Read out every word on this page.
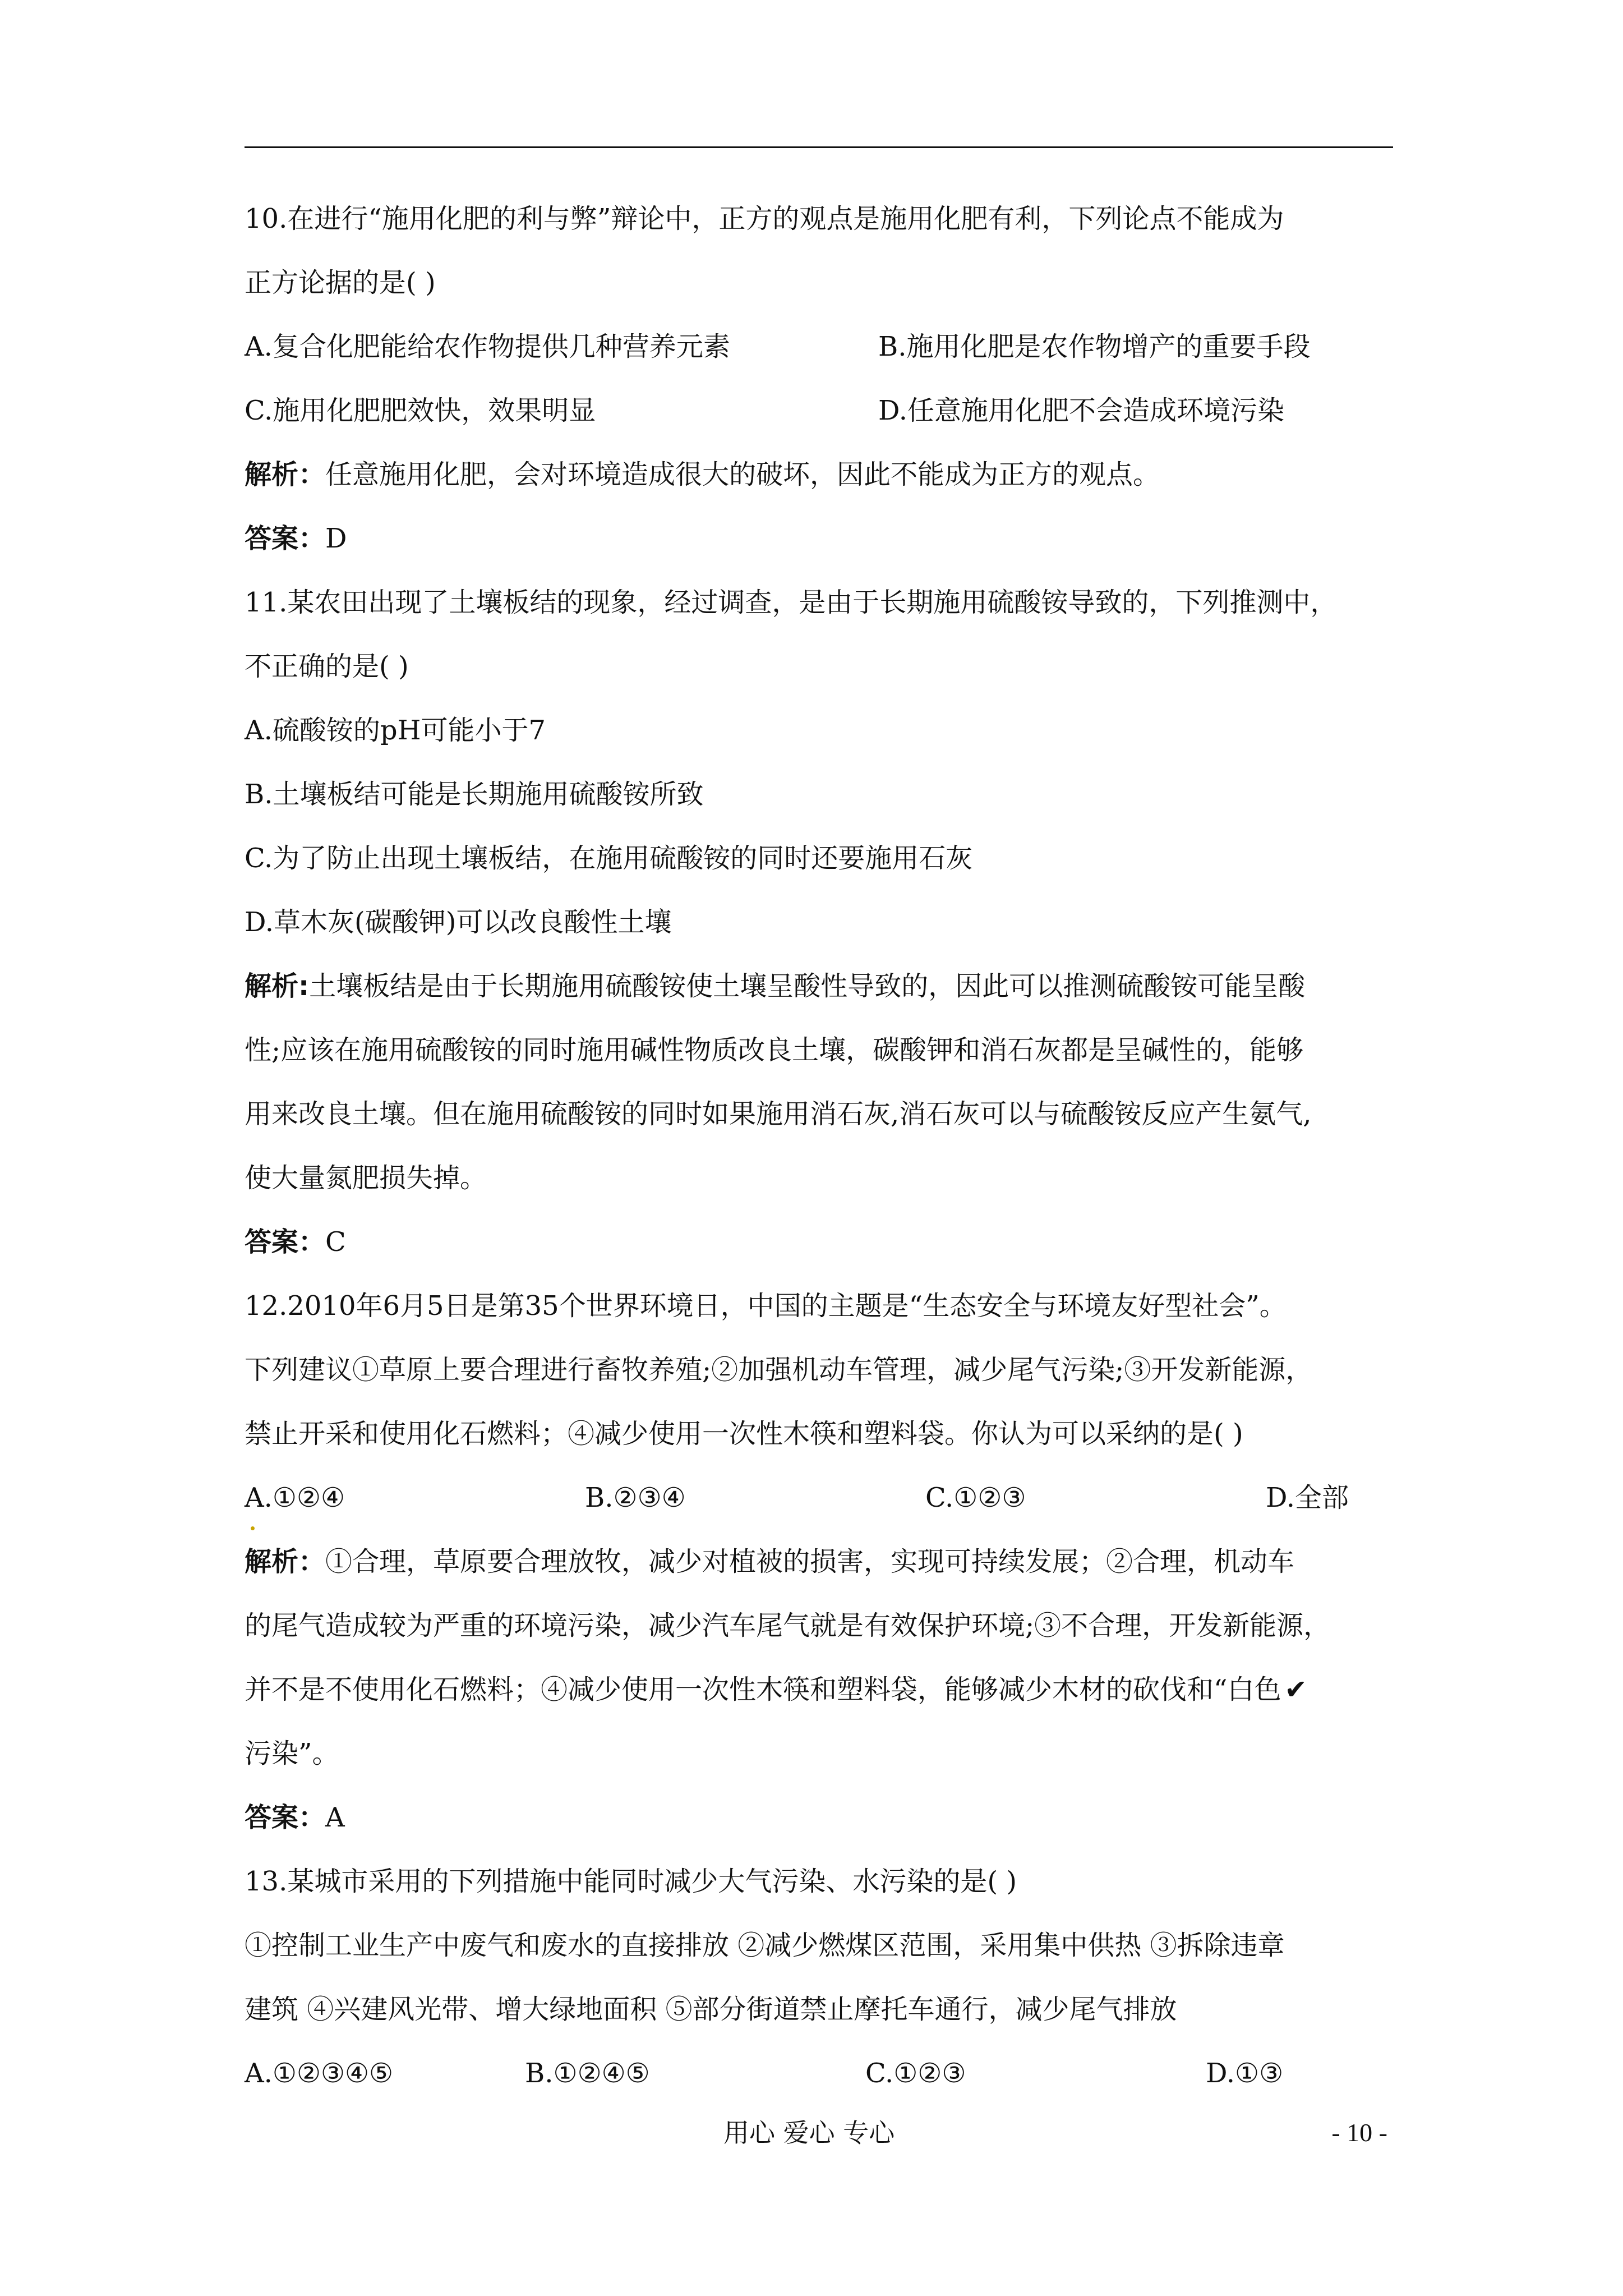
10.在进行“施用化肥的利与弊”辩论中，正方的观点是施用化肥有利，下列论点不能成为
正方论据的是( )
A.复合化肥能给农作物提供几种营养元素	B.施用化肥是农作物增产的重要手段
C.施用化肥肥效快，效果明显	D.任意施用化肥不会造成环境污染
解析：任意施用化肥，会对环境造成很大的破坏，因此不能成为正方的观点。
答案：D
11.某农田出现了土壤板结的现象，经过调查，是由于长期施用硫酸铵导致的，下列推测中，
不正确的是( )
A.硫酸铵的pH可能小于7
B.土壤板结可能是长期施用硫酸铵所致
C.为了防止出现土壤板结，在施用硫酸铵的同时还要施用石灰
D.草木灰(碳酸钾)可以改良酸性土壤
解析:土壤板结是由于长期施用硫酸铵使土壤呈酸性导致的，因此可以推测硫酸铵可能呈酸
性;应该在施用硫酸铵的同时施用碱性物质改良土壤，碳酸钾和消石灰都是呈碱性的，能够
用来改良土壤。但在施用硫酸铵的同时如果施用消石灰,消石灰可以与硫酸铵反应产生氨气,
使大量氮肥损失掉。
答案：C
12.2010年6月5日是第35个世界环境日，中国的主题是“生态安全与环境友好型社会”。
下列建议①草原上要合理进行畜牧养殖;②加强机动车管理，减少尾气污染;③开发新能源，
禁止开采和使用化石燃料；④减少使用一次性木筷和塑料袋。你认为可以采纳的是( )
A.①②④	B.②③④	C.①②③	D.全部
解析：①合理，草原要合理放牧，减少对植被的损害，实现可持续发展；②合理，机动车
的尾气造成较为严重的环境污染，减少汽车尾气就是有效保护环境;③不合理，开发新能源，
并不是不使用化石燃料；④减少使用一次性木筷和塑料袋，能够减少木材的砍伐和“白色 ✔
污染”。
答案：A
13.某城市采用的下列措施中能同时减少大气污染、水污染的是( )
①控制工业生产中废气和废水的直接排放 ②减少燃煤区范围，采用集中供热 ③拆除违章
建筑 ④兴建风光带、增大绿地面积 ⑤部分街道禁止摩托车通行，减少尾气排放
A.①②③④⑤	B.①②④⑤	C.①②③	D.①③
用心 爱心 专心	- 10 -
